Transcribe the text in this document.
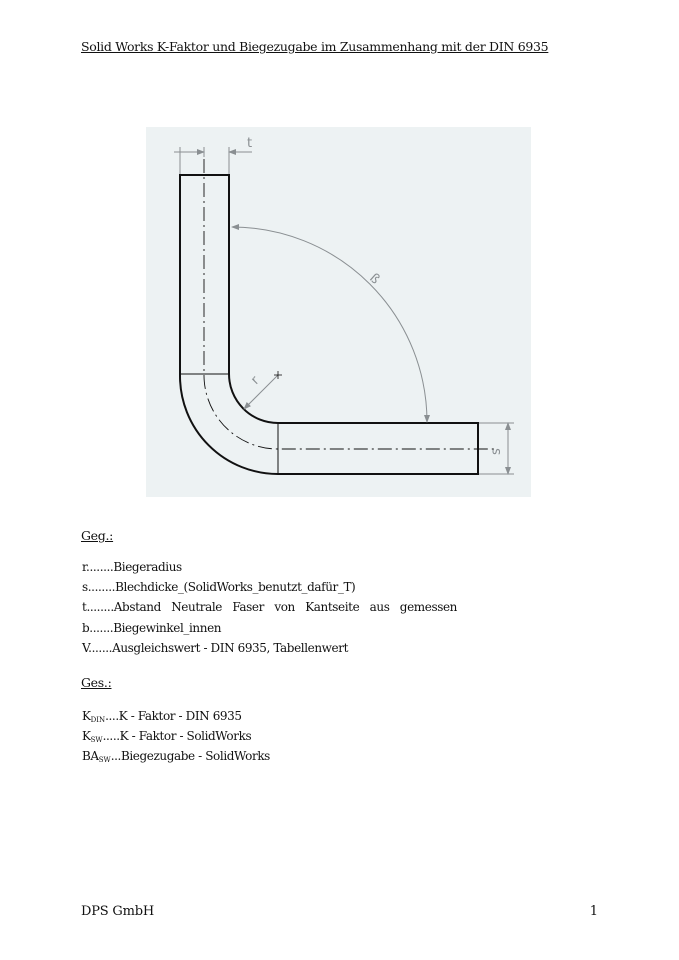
Solid Works K-Faktor und Biegezugabe im Zusammenhang mit der DIN 6935
t
ß
r
s
Geg.:
r........Biegeradius
s........Blechdicke_(SolidWorks_benutzt_dafür_T)
t........Abstand Neutrale Faser von Kantseite aus gemessen
b.......Biegewinkel_innen
V.......Ausgleichswert - DIN 6935, Tabellenwert
Ges.:
$K_{DIN}....K$ - Faktor - DIN 6935
$K_{SW}.....K$ - Faktor - SolidWorks
$BA_{SW}...Biegezugabe$ - SolidWorks
DPS GmbH	1
